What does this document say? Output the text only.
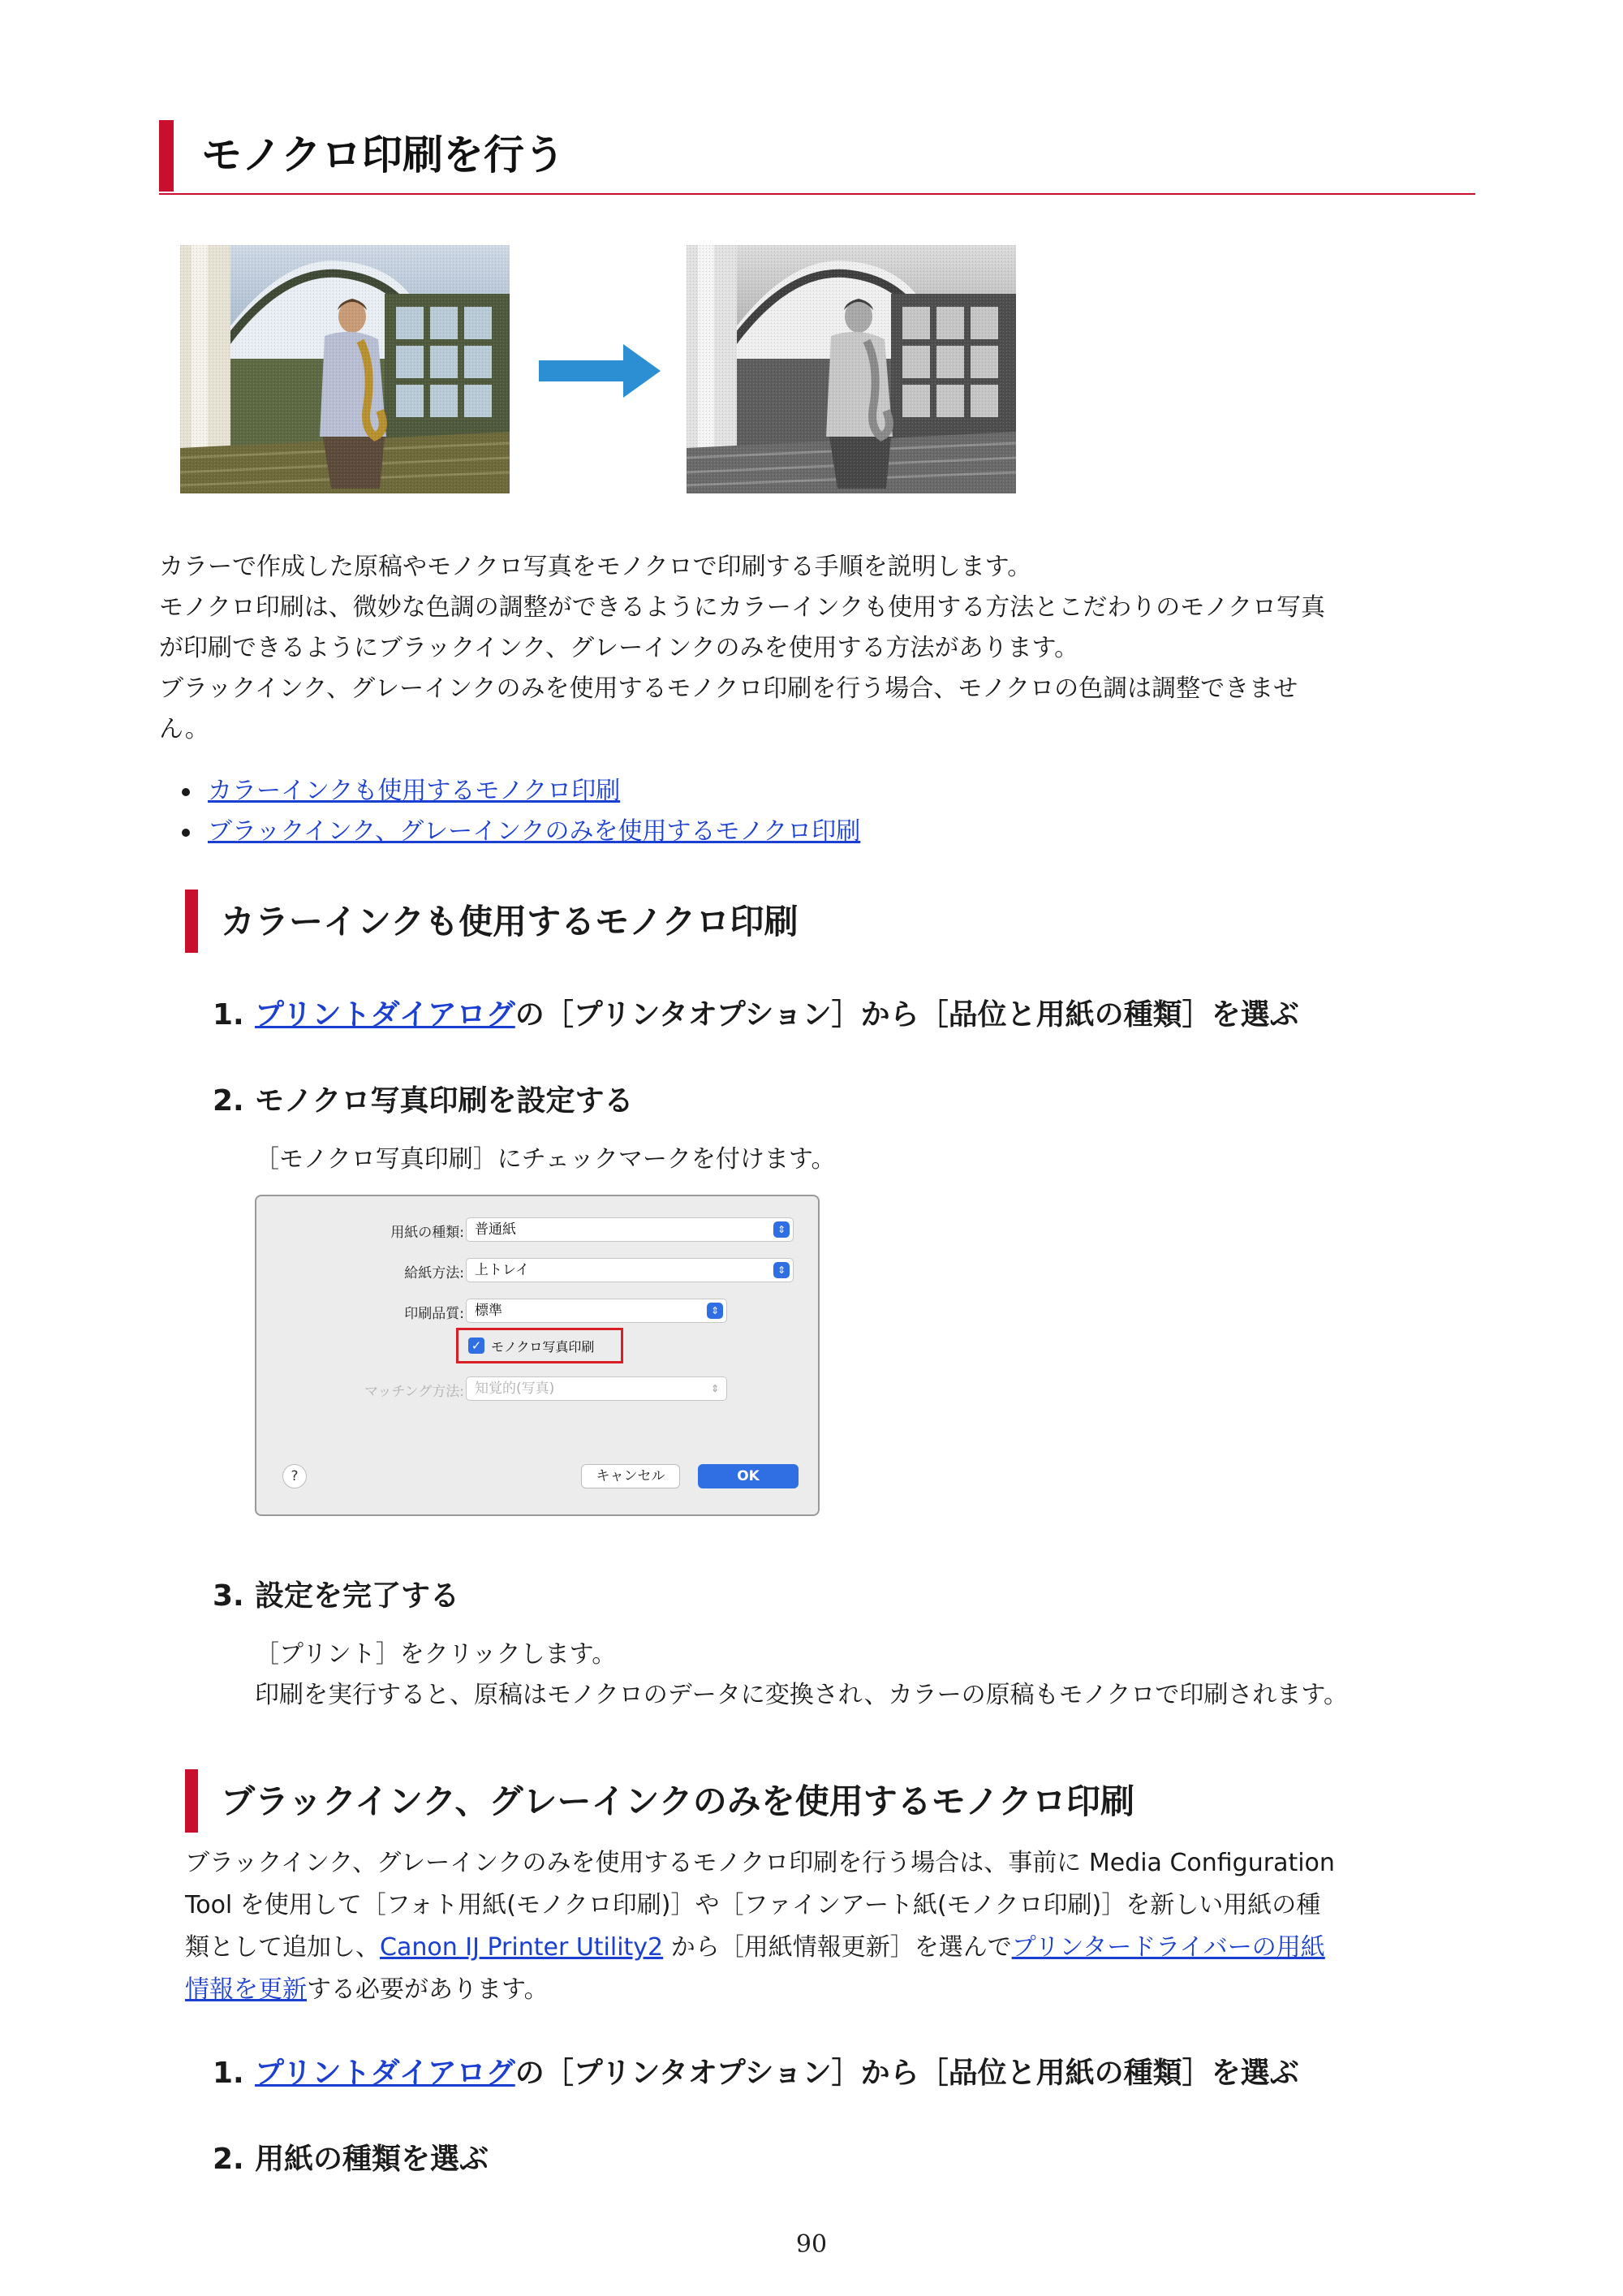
モノクロ印刷を行う

カラーで作成した原稿やモノクロ写真をモノクロで印刷する手順を説明します。

モノクロ印刷は、微妙な色調の調整ができるようにカラーインクも使用する方法とこだわりのモノクロ写真

が印刷できるようにブラックインク、グレーインクのみを使用する方法があります。

ブラックインク、グレーインクのみを使用するモノクロ印刷を行う場合、モノクロの色調は調整できませ

ん。

カラーインクも使用するモノクロ印刷
ブラックインク、グレーインクのみを使用するモノクロ印刷
カラーインクも使用するモノクロ印刷
1. プリントダイアログの［プリンタオプション］から［品位と用紙の種類］を選ぶ
2. モノクロ写真印刷を設定する

［モノクロ写真印刷］にチェックマークを付けます。

用紙の種類: 普通紙	⇕
給紙方法: 上トレイ	⇕
印刷品質: 標準	⇕
✓ モノクロ写真印刷
マッチング方法: 知覚的(写真)	⇕
?	キャンセル	OK
3. 設定を完了する

［プリント］をクリックします。

印刷を実行すると、原稿はモノクロのデータに変換され、カラーの原稿もモノクロで印刷されます。

ブラックインク、グレーインクのみを使用するモノクロ印刷

ブラックインク、グレーインクのみを使用するモノクロ印刷を行う場合は、事前に Media Configuration

Tool を使用して［フォト用紙(モノクロ印刷)］や［ファインアート紙(モノクロ印刷)］を新しい用紙の種

類として追加し、Canon IJ Printer Utility2 から［用紙情報更新］を選んでプリンタードライバーの用紙

情報を更新する必要があります。

1. プリントダイアログの［プリンタオプション］から［品位と用紙の種類］を選ぶ
2. 用紙の種類を選ぶ
90
